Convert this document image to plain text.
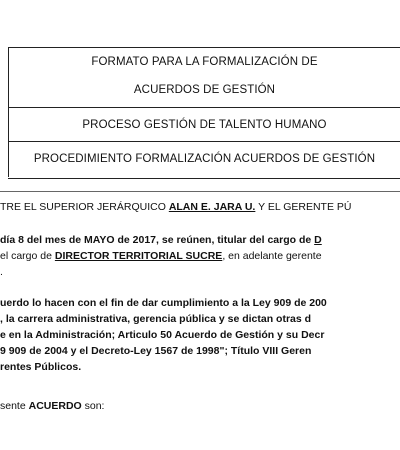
FORMATO PARA LA FORMALIZACIÓN DE
ACUERDOS DE GESTIÓN
PROCESO GESTIÓN DE TALENTO HUMANO
PROCEDIMIENTO FORMALIZACIÓN ACUERDOS DE GESTIÓN
TRE EL SUPERIOR JERÁRQUICO ALAN E. JARA U. Y EL GERENTE PÚ
día 8 del mes de MAYO de 2017, se reúnen, titular del cargo de D
el cargo de DIRECTOR TERRITORIAL SUCRE, en adelante gerente
.
uerdo lo hacen con el fin de dar cumplimiento a la Ley 909 de 200
, la carrera administrativa, gerencia pública y se dictan otras d
e en la Administración; Articulo 50 Acuerdo de Gestión y su Decr
9 909 de 2004 y el Decreto-Ley 1567 de 1998"; Título VIII Geren
rentes Públicos.
sente ACUERDO son:
